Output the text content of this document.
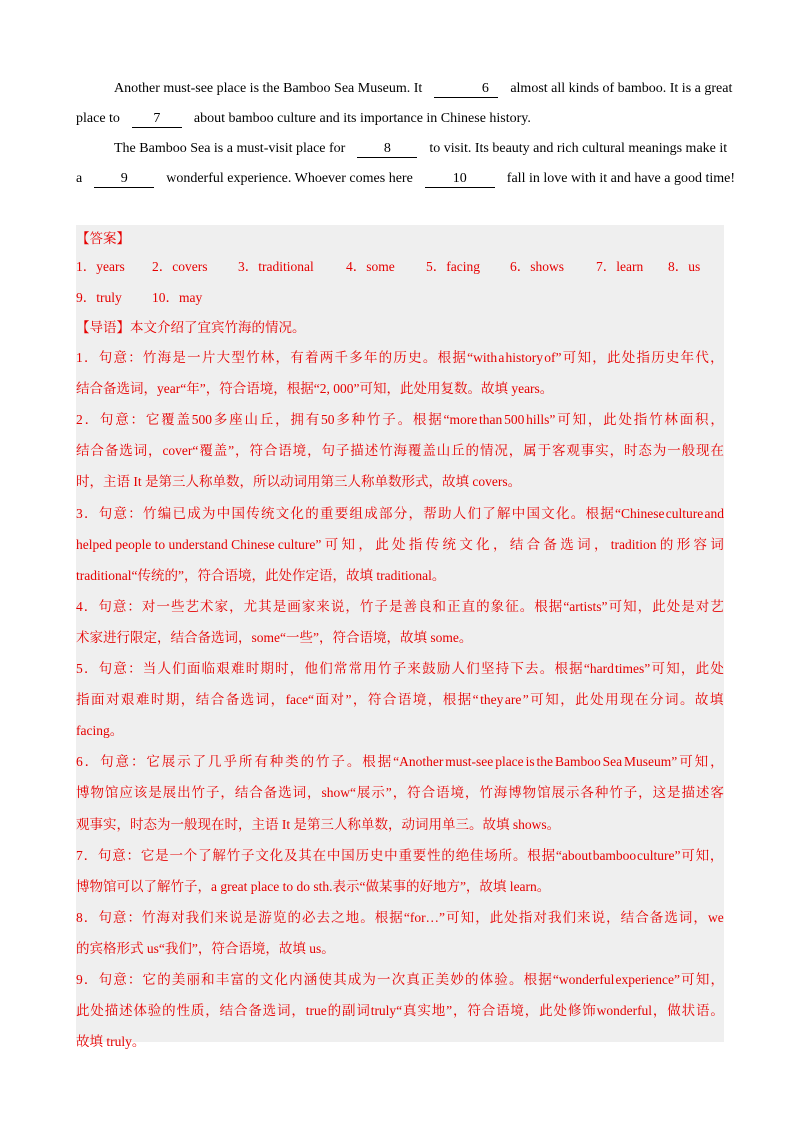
Another must-see place is the Bamboo Sea Museum. It	6	almost all kinds of bamboo. It is a great
place to 7 about bamboo culture and its importance in Chinese history.
The Bamboo Sea is a must-visit place for	8	to visit. Its beauty and rich cultural meanings make it
a	9	wonderful experience. Whoever comes here	10	fall in love with it and have a good time!
【答案】
1．years 2．covers 3．traditional 4．some 5．facing 6．shows 7．learn 8．us
9．truly 10．may
【导语】本文介绍了宜宾竹海的情况。
1 ． 句 意 ： 竹 海 是 一 片 大 型 竹 林 ， 有 着 两 千 多 年 的 历 史 。 根 据 “with a history of” 可 知 ， 此 处 指 历 史 年 代 ，
结合备选词，year“年”，符合语境，根据“2, 000”可知，此处用复数。故填 years。
2 ． 句 意 ： 它 覆 盖 500 多 座 山 丘 ， 拥 有 50 多 种 竹 子 。 根 据 “more than 500 hills” 可 知 ， 此 处 指 竹 林 面 积 ，
结 合 备 选 词 ， cover“ 覆 盖 ” ， 符 合 语 境 ， 句 子 描 述 竹 海 覆 盖 山 丘 的 情 况 ， 属 于 客 观 事 实 ， 时 态 为 一 般 现 在
时，主语 It 是第三人称单数，所以动词用第三人称单数形式，故填 covers。
3 ． 句 意 ： 竹 编 已 成 为 中 国 传 统 文 化 的 重 要 组 成 部 分 ， 帮 助 人 们 了 解 中 国 文 化 。 根 据 “Chinese culture and
helped people to understand Chinese culture” 可 知 ， 此 处 指 传 统 文 化 ， 结 合 备 选 词 ， tradition 的 形 容 词
traditional“传统的”，符合语境，此处作定语，故填 traditional。
4 ． 句 意 ： 对 一 些 艺 术 家 ， 尤 其 是 画 家 来 说 ， 竹 子 是 善 良 和 正 直 的 象 征 。 根 据 “artists” 可 知 ， 此 处 是 对 艺
术家进行限定，结合备选词，some“一些”，符合语境，故填 some。
5 ． 句 意 ： 当 人 们 面 临 艰 难 时 期 时 ， 他 们 常 常 用 竹 子 来 鼓 励 人 们 坚 持 下 去 。 根 据 “hard times” 可 知 ， 此 处
指 面 对 艰 难 时 期 ， 结 合 备 选 词 ， face“ 面 对 ” ， 符 合 语 境 ， 根 据 “ they are ” 可 知 ， 此 处 用 现 在 分 词 。 故 填
facing。
6 ． 句 意 ： 它 展 示 了 几 乎 所 有 种 类 的 竹 子 。 根 据 “Another must-see place is the Bamboo Sea Museum” 可 知 ，
博 物 馆 应 该 是 展 出 竹 子 ， 结 合 备 选 词 ， show“ 展 示 ” ， 符 合 语 境 ， 竹 海 博 物 馆 展 示 各 种 竹 子 ， 这 是 描 述 客
观事实，时态为一般现在时，主语 It 是第三人称单数，动词用单三。故填 shows。
7 ． 句 意 ： 它 是 一 个 了 解 竹 子 文 化 及 其 在 中 国 历 史 中 重 要 性 的 绝 佳 场 所 。 根 据 “about bamboo culture” 可 知 ，
博物馆可以了解竹子，a great place to do sth.表示“做某事的好地方”，故填 learn。
8 ． 句 意 ： 竹 海 对 我 们 来 说 是 游 览 的 必 去 之 地 。 根 据 “for…” 可 知 ， 此 处 指 对 我 们 来 说 ， 结 合 备 选 词 ， we
的宾格形式 us“我们”，符合语境，故填 us。
9 ． 句 意 ： 它 的 美 丽 和 丰 富 的 文 化 内 涵 使 其 成 为 一 次 真 正 美 妙 的 体 验 。 根 据 “wonderful experience” 可 知 ，
此 处 描 述 体 验 的 性 质 ， 结 合 备 选 词 ， true 的 副 词 truly“ 真 实 地 ” ， 符 合 语 境 ， 此 处 修 饰 wonderful ， 做 状 语 。
故填 truly。
